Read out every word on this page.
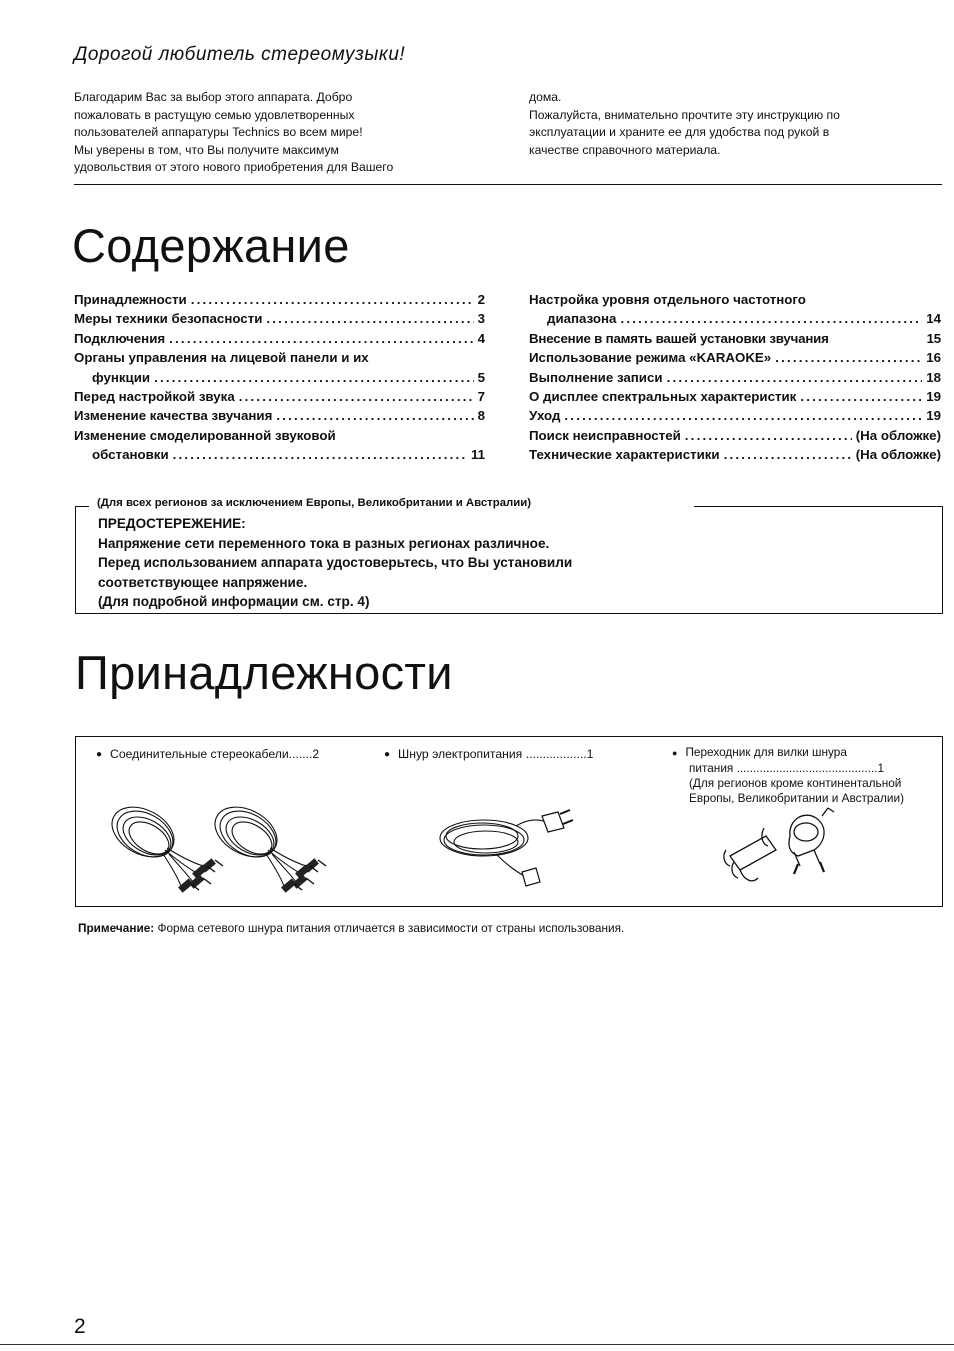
Дорогой любитель стереомузыки!
Благодарим Вас за выбор этого аппарата. Добро
пожаловать в растущую семью удовлетворенных
пользователей аппаратуры Technics во всем мире!
Мы уверены в том, что Вы получите максимум
удовольствия от этого нового приобретения для Вашего
дома.
Пожалуйста, внимательно прочтите эту инструкцию по
эксплуатации и храните ее для удобства под рукой в
качестве справочного материала.
Содержание
Принадлежности .....	2
Меры техники безопасности .....	3
Подключения .....	4
Органы управления на лицевой панели и их
функции .....	5
Перед настройкой звука .....	7
Изменение качества звучания .....	8
Изменение смоделированной звуковой
обстановки .....	11
Настройка уровня отдельного частотного
диапазона .....	14
Внесение в память вашей установки звучания	15
Использование режима «KARAOKE» .....	16
Выполнение записи .....	18
О дисплее спектральных характеристик .....	19
Уход .....	19
Поиск неисправностей .....	(На обложке)
Технические характеристики .....	(На обложке)
(Для всех регионов за исключением Европы, Великобритании и Австралии)
ПРЕДОСТЕРЕЖЕНИЕ:
Напряжение сети переменного тока в разных регионах различное.
Перед использованием аппарата удостоверьтесь, что Вы установили
соответствующее напряжение.
(Для подробной информации см. стр. 4)
Принадлежности
● Соединительные стереокабели.......2	● Шнур электропитания ..................1	● Переходник для вилки шнура
питания ...........................................1
(Для регионов кроме континентальной
Европы, Великобритании и Австралии)
Примечание: Форма сетевого шнура питания отличается в зависимости от страны использования.
2
